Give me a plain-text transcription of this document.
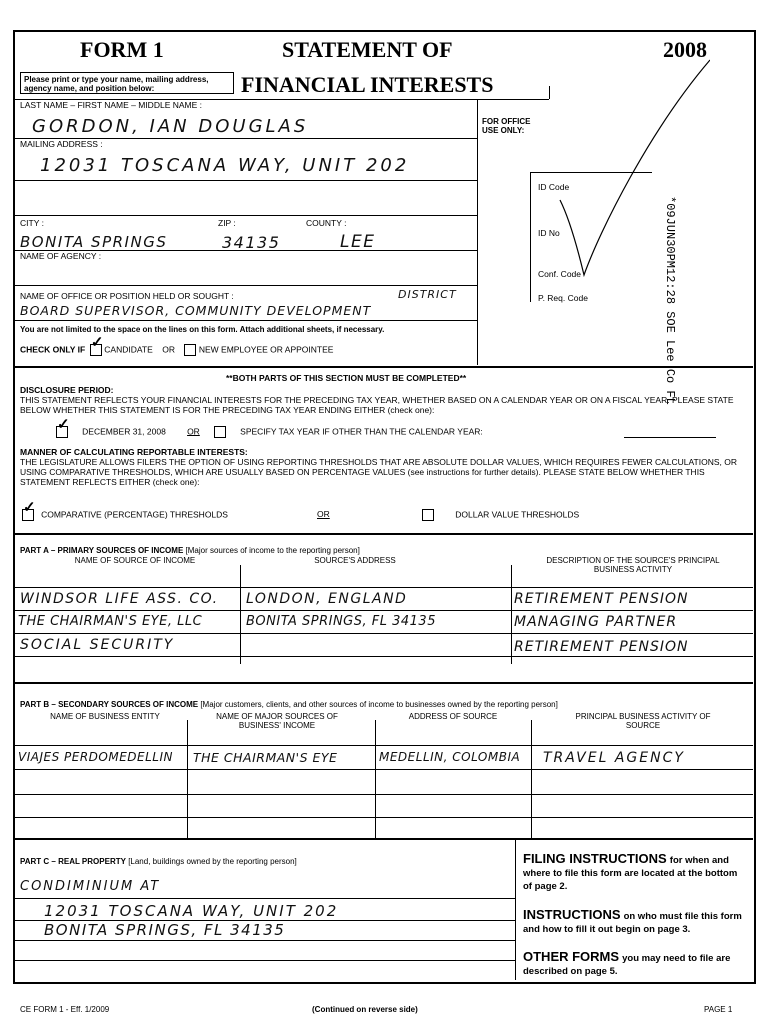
FORM 1	STATEMENT OF	2008
Please print or type your name, mailing address, agency name, and position below:	FINANCIAL INTERESTS
LAST NAME – FIRST NAME – MIDDLE NAME :
GORDON, IAN DOUGLAS
MAILING ADDRESS :
12031 TOSCANA WAY, UNIT 202
CITY :	ZIP :	COUNTY :
BONITA SPRINGS	34135	LEE
NAME OF AGENCY :
NAME OF OFFICE OR POSITION HELD OR SOUGHT :	DISTRICT
BOARD SUPERVISOR, COMMUNITY DEVELOPMENT
You are not limited to the space on the lines on this form. Attach additional sheets, if necessary.
CHECK ONLY IF  ✓ CANDIDATE OR	NEW EMPLOYEE OR APPOINTEE
FOR OFFICE
USE ONLY:
ID Code
ID No
Conf. Code
P. Req. Code	*09JUN30PM12:28 SOE Lee Co FL
**BOTH PARTS OF THIS SECTION MUST BE COMPLETED**
DISCLOSURE PERIOD:
THIS STATEMENT REFLECTS YOUR FINANCIAL INTERESTS FOR THE PRECEDING TAX YEAR, WHETHER BASED ON A CALENDAR YEAR OR ON A FISCAL YEAR. PLEASE STATE BELOW WHETHER THIS STATEMENT IS FOR THE PRECEDING TAX YEAR ENDING EITHER (check one):
✓      DECEMBER 31, 2008	OR	SPECIFY TAX YEAR IF OTHER THAN THE CALENDAR YEAR:
MANNER OF CALCULATING REPORTABLE INTERESTS:
THE LEGISLATURE ALLOWS FILERS THE OPTION OF USING REPORTING THRESHOLDS THAT ARE ABSOLUTE DOLLAR VALUES, WHICH REQUIRES FEWER CALCULATIONS, OR USING COMPARATIVE THRESHOLDS, WHICH ARE USUALLY BASED ON PERCENTAGE VALUES (see instructions for further details). PLEASE STATE BELOW WHETHER THIS STATEMENT REFLECTS EITHER (check one):
✓   COMPARATIVE (PERCENTAGE) THRESHOLDS	OR	DOLLAR VALUE THRESHOLDS
PART A – PRIMARY SOURCES OF INCOME [Major sources of income to the reporting person]
NAME OF SOURCE OF INCOME	SOURCE'S ADDRESS	DESCRIPTION OF THE SOURCE'S PRINCIPAL BUSINESS ACTIVITY
WINDSOR LIFE ASS. CO. LONDON, ENGLAND	RETIREMENT PENSION
THE CHAIRMAN'S EYE, LLC	BONITA SPRINGS, FL 34135	MANAGING PARTNER
SOCIAL SECURITY	RETIREMENT PENSION
PART B – SECONDARY SOURCES OF INCOME [Major customers, clients, and other sources of income to businesses owned by the reporting person]
NAME OF BUSINESS ENTITY	NAME OF MAJOR SOURCES OF BUSINESS' INCOME
ADDRESS OF SOURCE	PRINCIPAL BUSINESS ACTIVITY OF SOURCE
VIAJES PERDOMEDELLIN THE CHAIRMAN'S EYE	MEDELLIN, COLOMBIA TRAVEL AGENCY
PART C – REAL PROPERTY [Land, buildings owned by the reporting person]
CONDIMINIUM AT
12031 TOSCANA WAY, UNIT 202
BONITA SPRINGS, FL 34135
FILING INSTRUCTIONS for when and where to file this form are located at the bottom of page 2.
INSTRUCTIONS on who must file this form and how to fill it out begin on page 3.
OTHER FORMS you may need to file are described on page 5.
CE FORM 1 - Eff. 1/2009	(Continued on reverse side)	PAGE 1
